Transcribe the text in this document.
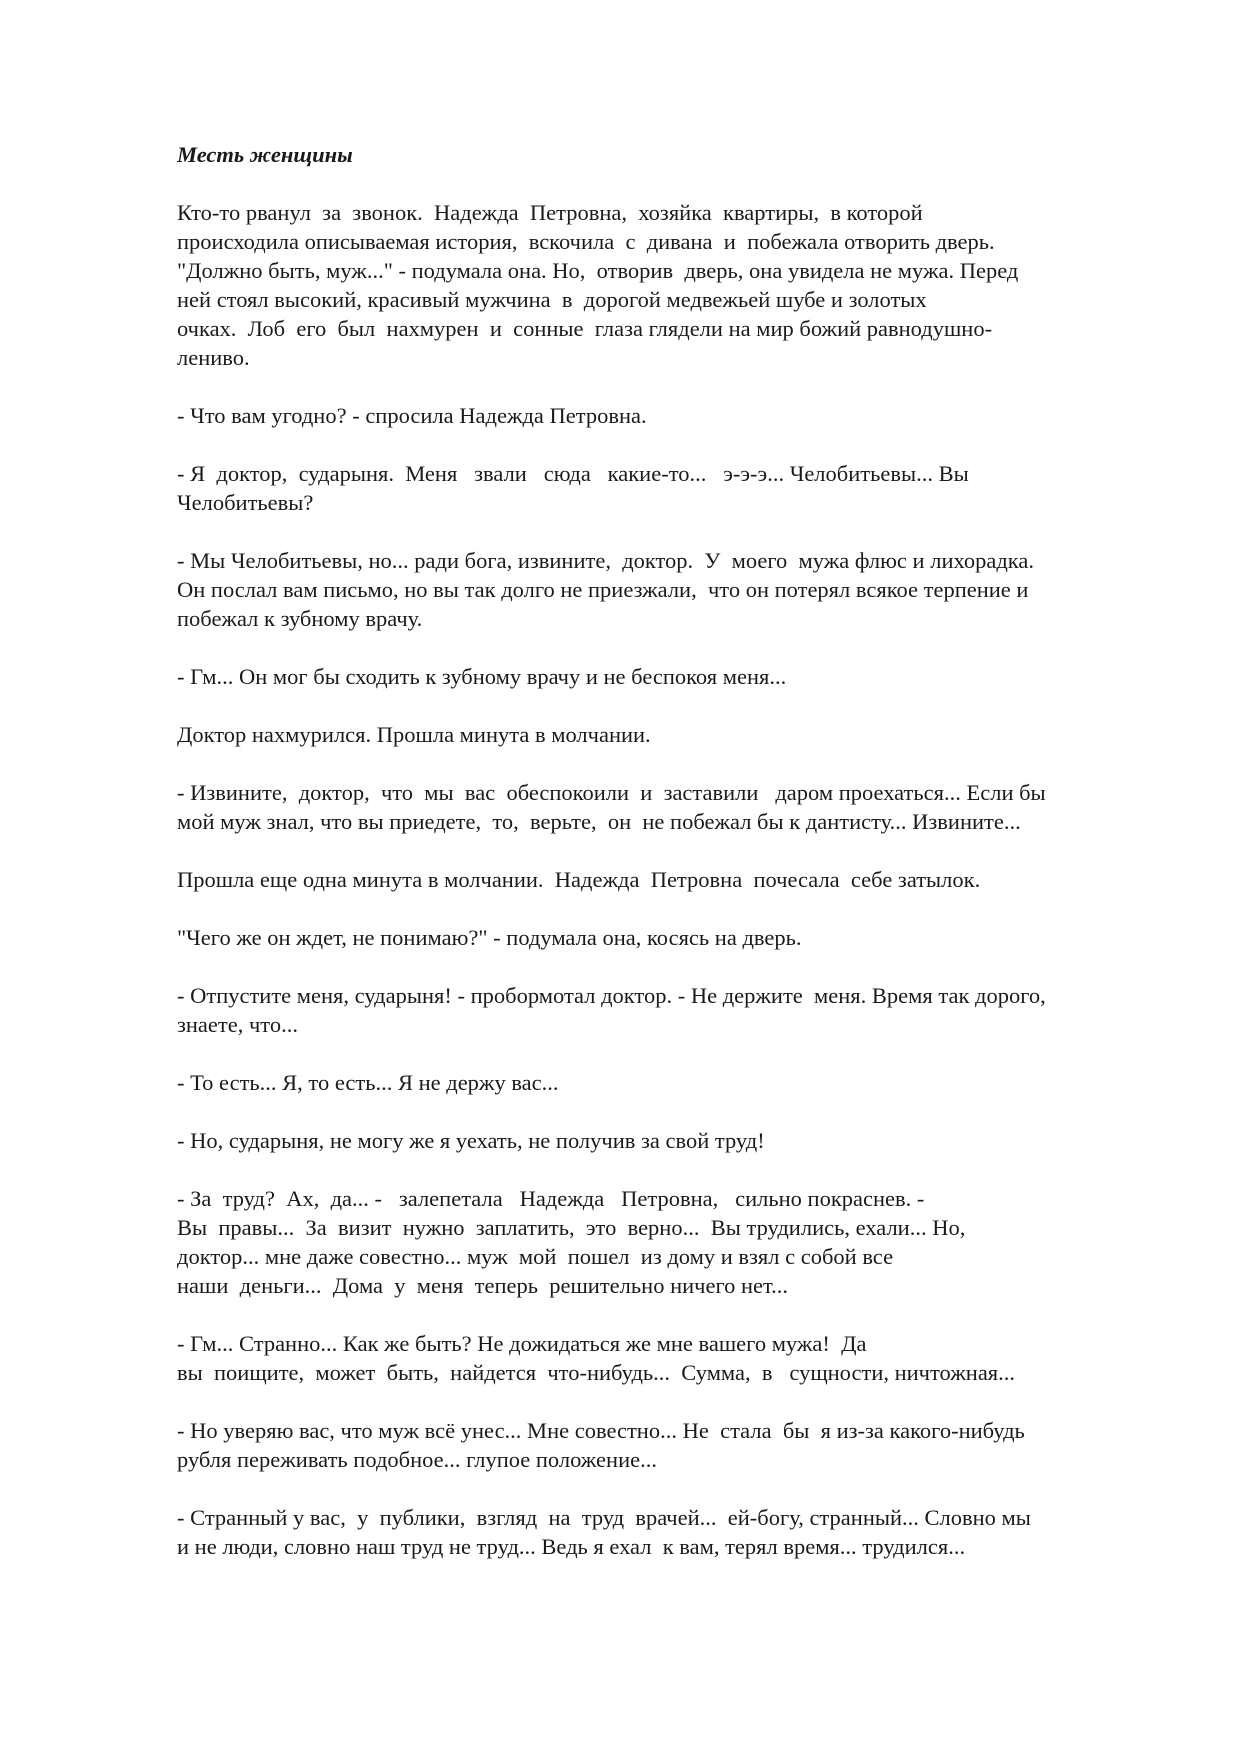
Месть женщины
Кто-то рванул  за  звонок.  Надежда  Петровна,  хозяйка  квартиры,  в которой
происходила описываемая история,  вскочила  с  дивана  и  побежала отворить дверь.
"Должно быть, муж..." - подумала она. Но,  отворив  дверь, она увидела не мужа. Перед
ней стоял высокий, красивый мужчина  в  дорогой медвежьей шубе и золотых
очках.  Лоб  его  был  нахмурен  и  сонные  глаза глядели на мир божий равнодушно-
лениво.
- Что вам угодно? - спросила Надежда Петровна.
- Я  доктор,  сударыня.  Меня   звали   сюда   какие-то...   э-э-э... Челобитьевы... Вы
Челобитьевы?
- Мы Челобитьевы, но... ради бога, извините,  доктор.  У  моего  мужа флюс и лихорадка.
Он послал вам письмо, но вы так долго не приезжали,  что он потерял всякое терпение и
побежал к зубному врачу.
- Гм... Он мог бы сходить к зубному врачу и не беспокоя меня...
Доктор нахмурился. Прошла минута в молчании.
- Извините,  доктор,  что  мы  вас  обеспокоили  и  заставили   даром проехаться... Если бы
мой муж знал, что вы приедете,  то,  верьте,  он  не побежал бы к дантисту... Извините...
Прошла еще одна минута в молчании.  Надежда  Петровна  почесала  себе затылок.
"Чего же он ждет, не понимаю?" - подумала она, косясь на дверь.
- Отпустите меня, сударыня! - пробормотал доктор. - Не держите  меня. Время так дорого,
знаете, что...
- То есть... Я, то есть... Я не держу вас...
- Но, сударыня, не могу же я уехать, не получив за свой труд!
- За  труд?  Ах,  да... -   залепетала   Надежда   Петровна,   сильно покраснев. -
Вы  правы...  За  визит  нужно  заплатить,  это  верно...  Вы трудились, ехали... Но,
доктор... мне даже совестно... муж  мой  пошел  из дому и взял с собой все
наши  деньги...  Дома  у  меня  теперь  решительно ничего нет...
- Гм... Странно... Как же быть? Не дожидаться же мне вашего мужа!  Да
вы  поищите,  может  быть,  найдется  что-нибудь...  Сумма,  в   сущности, ничтожная...
- Но уверяю вас, что муж всё унес... Мне совестно... Не  стала  бы  я из-за какого-нибудь
рубля переживать подобное... глупое положение...
- Странный у вас,  у  публики,  взгляд  на  труд  врачей...  ей-богу, странный... Словно мы
и не люди, словно наш труд не труд... Ведь я ехал  к вам, терял время... трудился...
